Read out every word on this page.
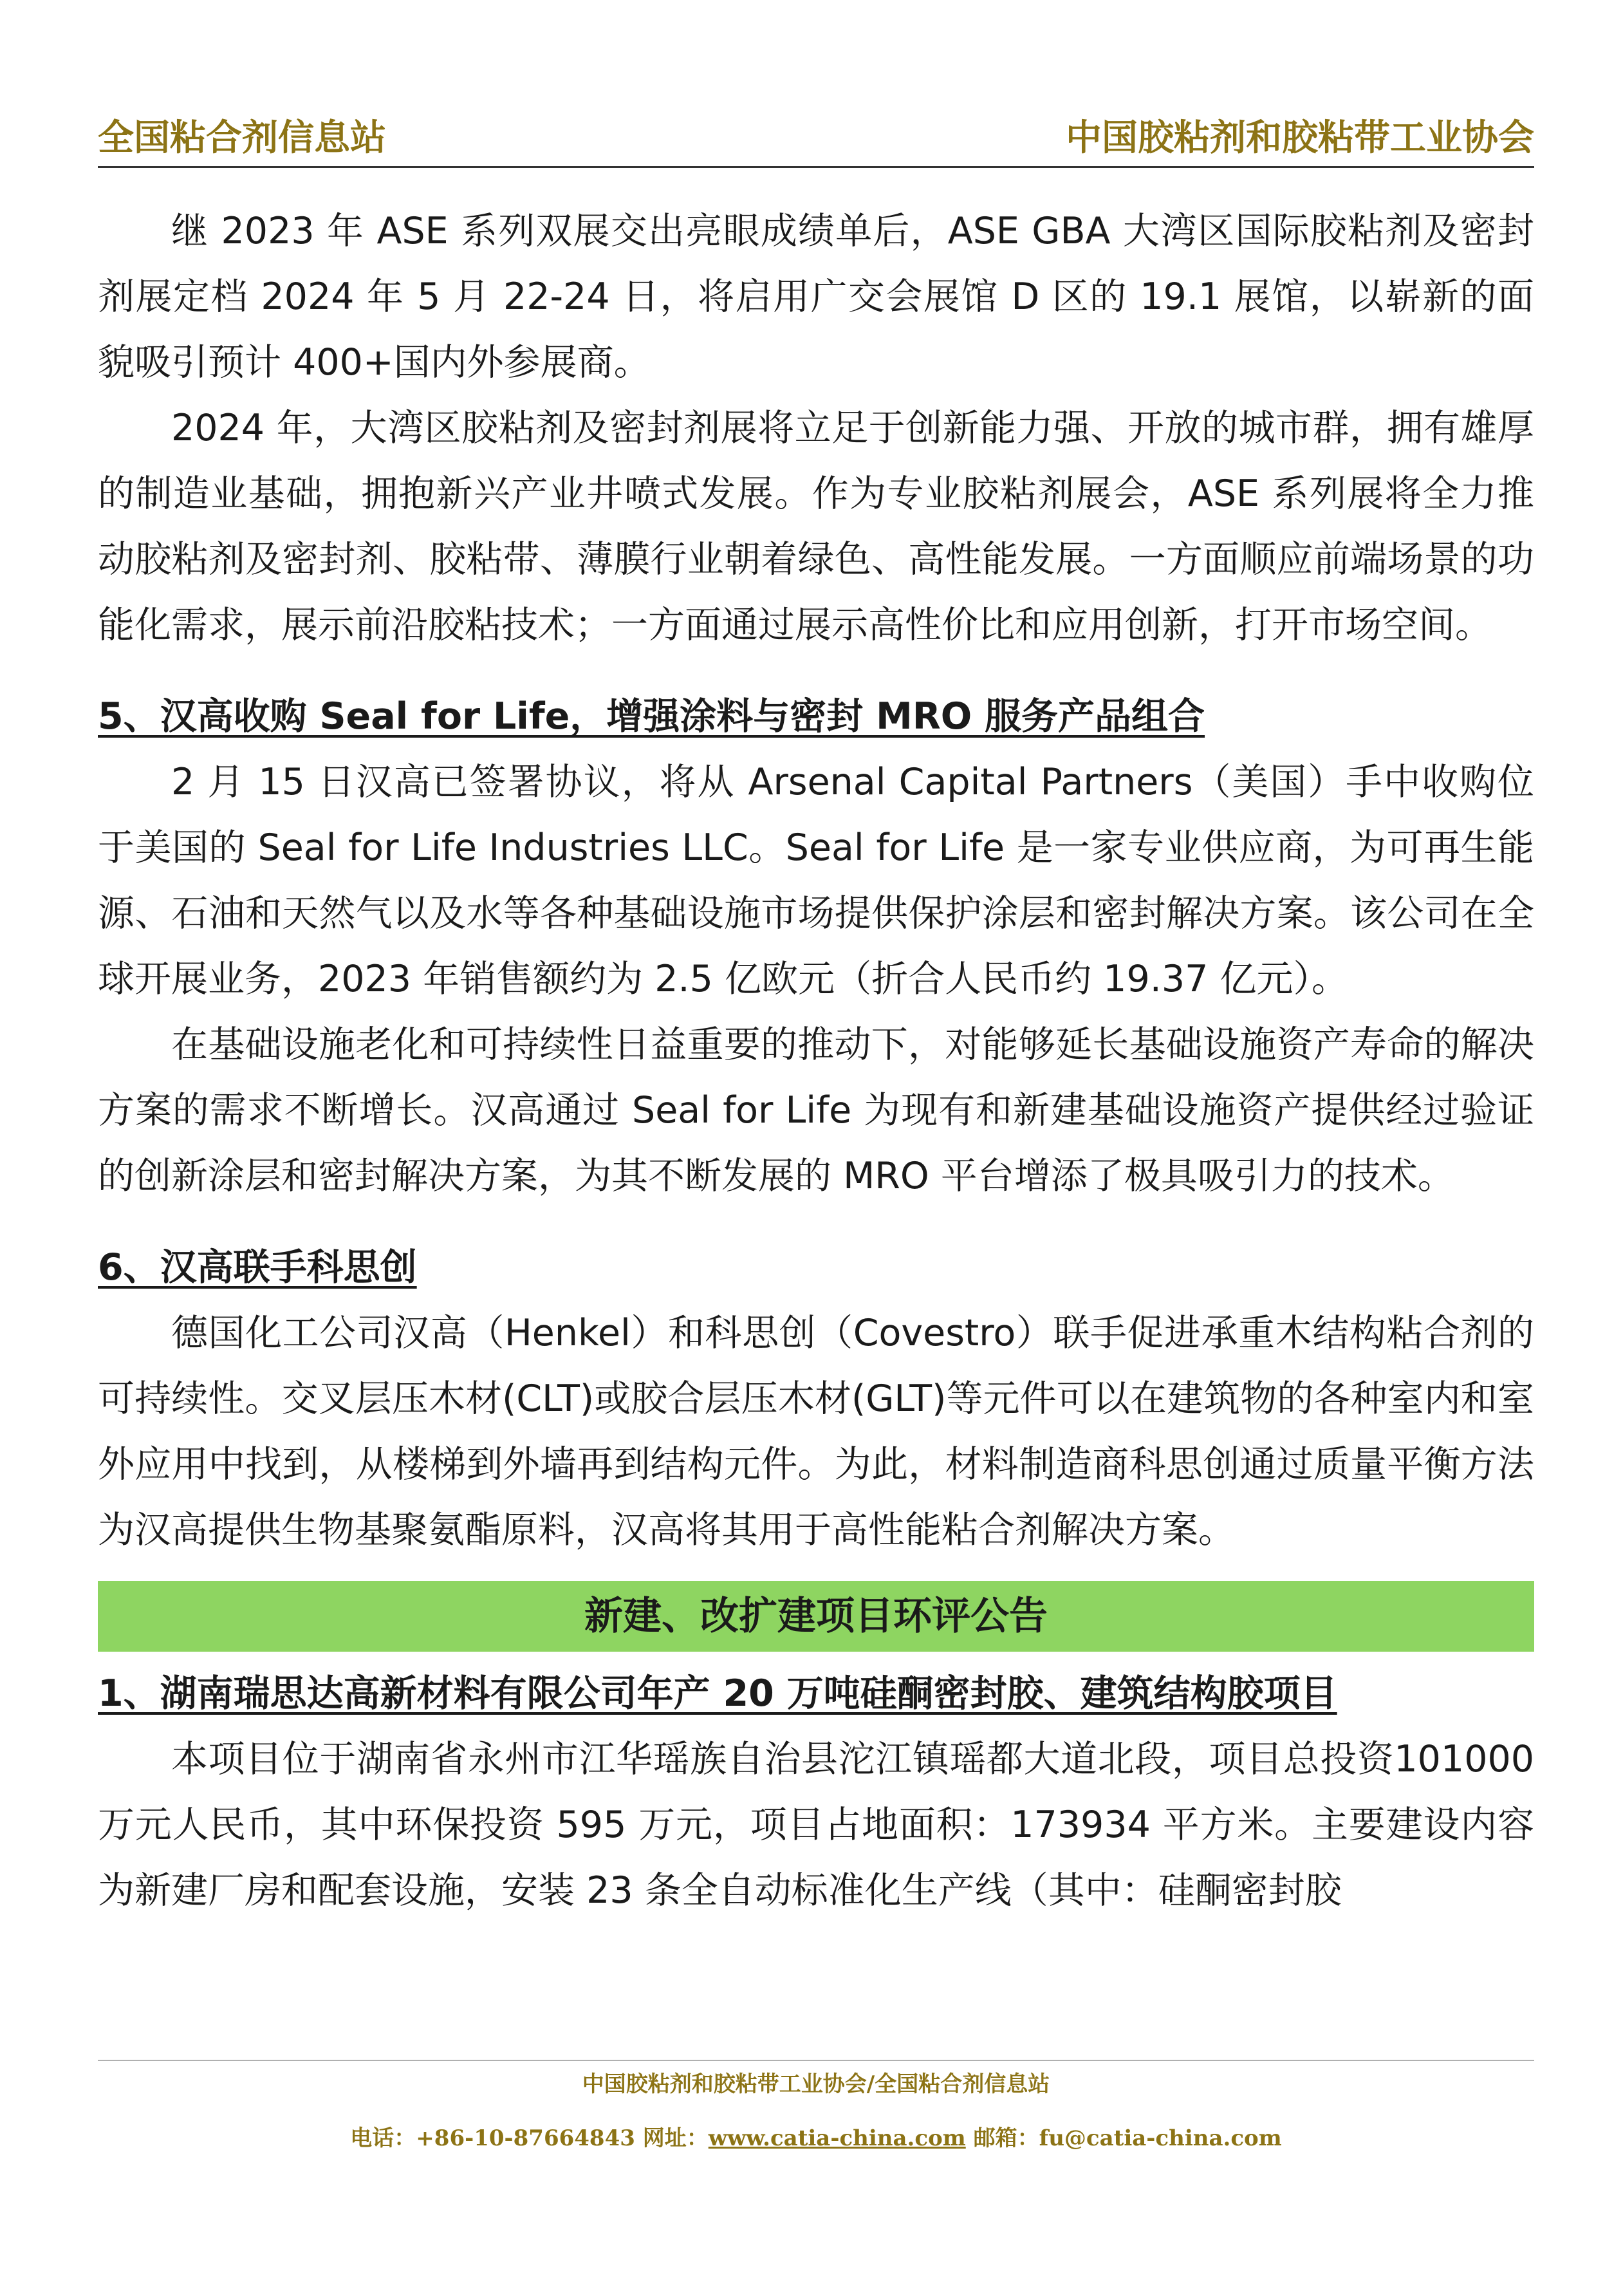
全国粘合剂信息站	中国胶粘剂和胶粘带工业协会

继 2023 年 ASE 系列双展交出亮眼成绩单后，ASE GBA 大湾区国际胶粘剂及密封剂展定档 2024 年 5 月 22-24 日，将启用广交会展馆 D 区的 19.1 展馆，以崭新的面貌吸引预计 400+国内外参展商。

2024 年，大湾区胶粘剂及密封剂展将立足于创新能力强、开放的城市群，拥有雄厚的制造业基础，拥抱新兴产业井喷式发展。作为专业胶粘剂展会，ASE 系列展将全力推动胶粘剂及密封剂、胶粘带、薄膜行业朝着绿色、高性能发展。一方面顺应前端场景的功能化需求，展示前沿胶粘技术；一方面通过展示高性价比和应用创新，打开市场空间。

5、汉高收购 Seal for Life，增强涂料与密封 MRO 服务产品组合

2 月 15 日汉高已签署协议，将从 Arsenal Capital Partners（美国）手中收购位于美国的 Seal for Life Industries LLC。Seal for Life 是一家专业供应商，为可再生能源、石油和天然气以及水等各种基础设施市场提供保护涂层和密封解决方案。该公司在全球开展业务，2023 年销售额约为 2.5 亿欧元（折合人民币约 19.37 亿元）。

在基础设施老化和可持续性日益重要的推动下，对能够延长基础设施资产寿命的解决方案的需求不断增长。汉高通过 Seal for Life 为现有和新建基础设施资产提供经过验证的创新涂层和密封解决方案，为其不断发展的 MRO 平台增添了极具吸引力的技术。

6、汉高联手科思创

德国化工公司汉高（Henkel）和科思创（Covestro）联手促进承重木结构粘合剂的可持续性。交叉层压木材(CLT)或胶合层压木材(GLT)等元件可以在建筑物的各种室内和室外应用中找到，从楼梯到外墙再到结构元件。为此，材料制造商科思创通过质量平衡方法为汉高提供生物基聚氨酯原料，汉高将其用于高性能粘合剂解决方案。

新建、改扩建项目环评公告

1、湖南瑞思达高新材料有限公司年产 20 万吨硅酮密封胶、建筑结构胶项目

本项目位于湖南省永州市江华瑶族自治县沱江镇瑶都大道北段，项目总投资101000 万元人民币，其中环保投资 595 万元，项目占地面积：173934 平方米。主要建设内容为新建厂房和配套设施，安装 23 条全自动标准化生产线（其中：硅酮密封胶

中国胶粘剂和胶粘带工业协会/全国粘合剂信息站
电话：+86-10-87664843 网址：www.catia-china.com 邮箱：fu@catia-china.com
